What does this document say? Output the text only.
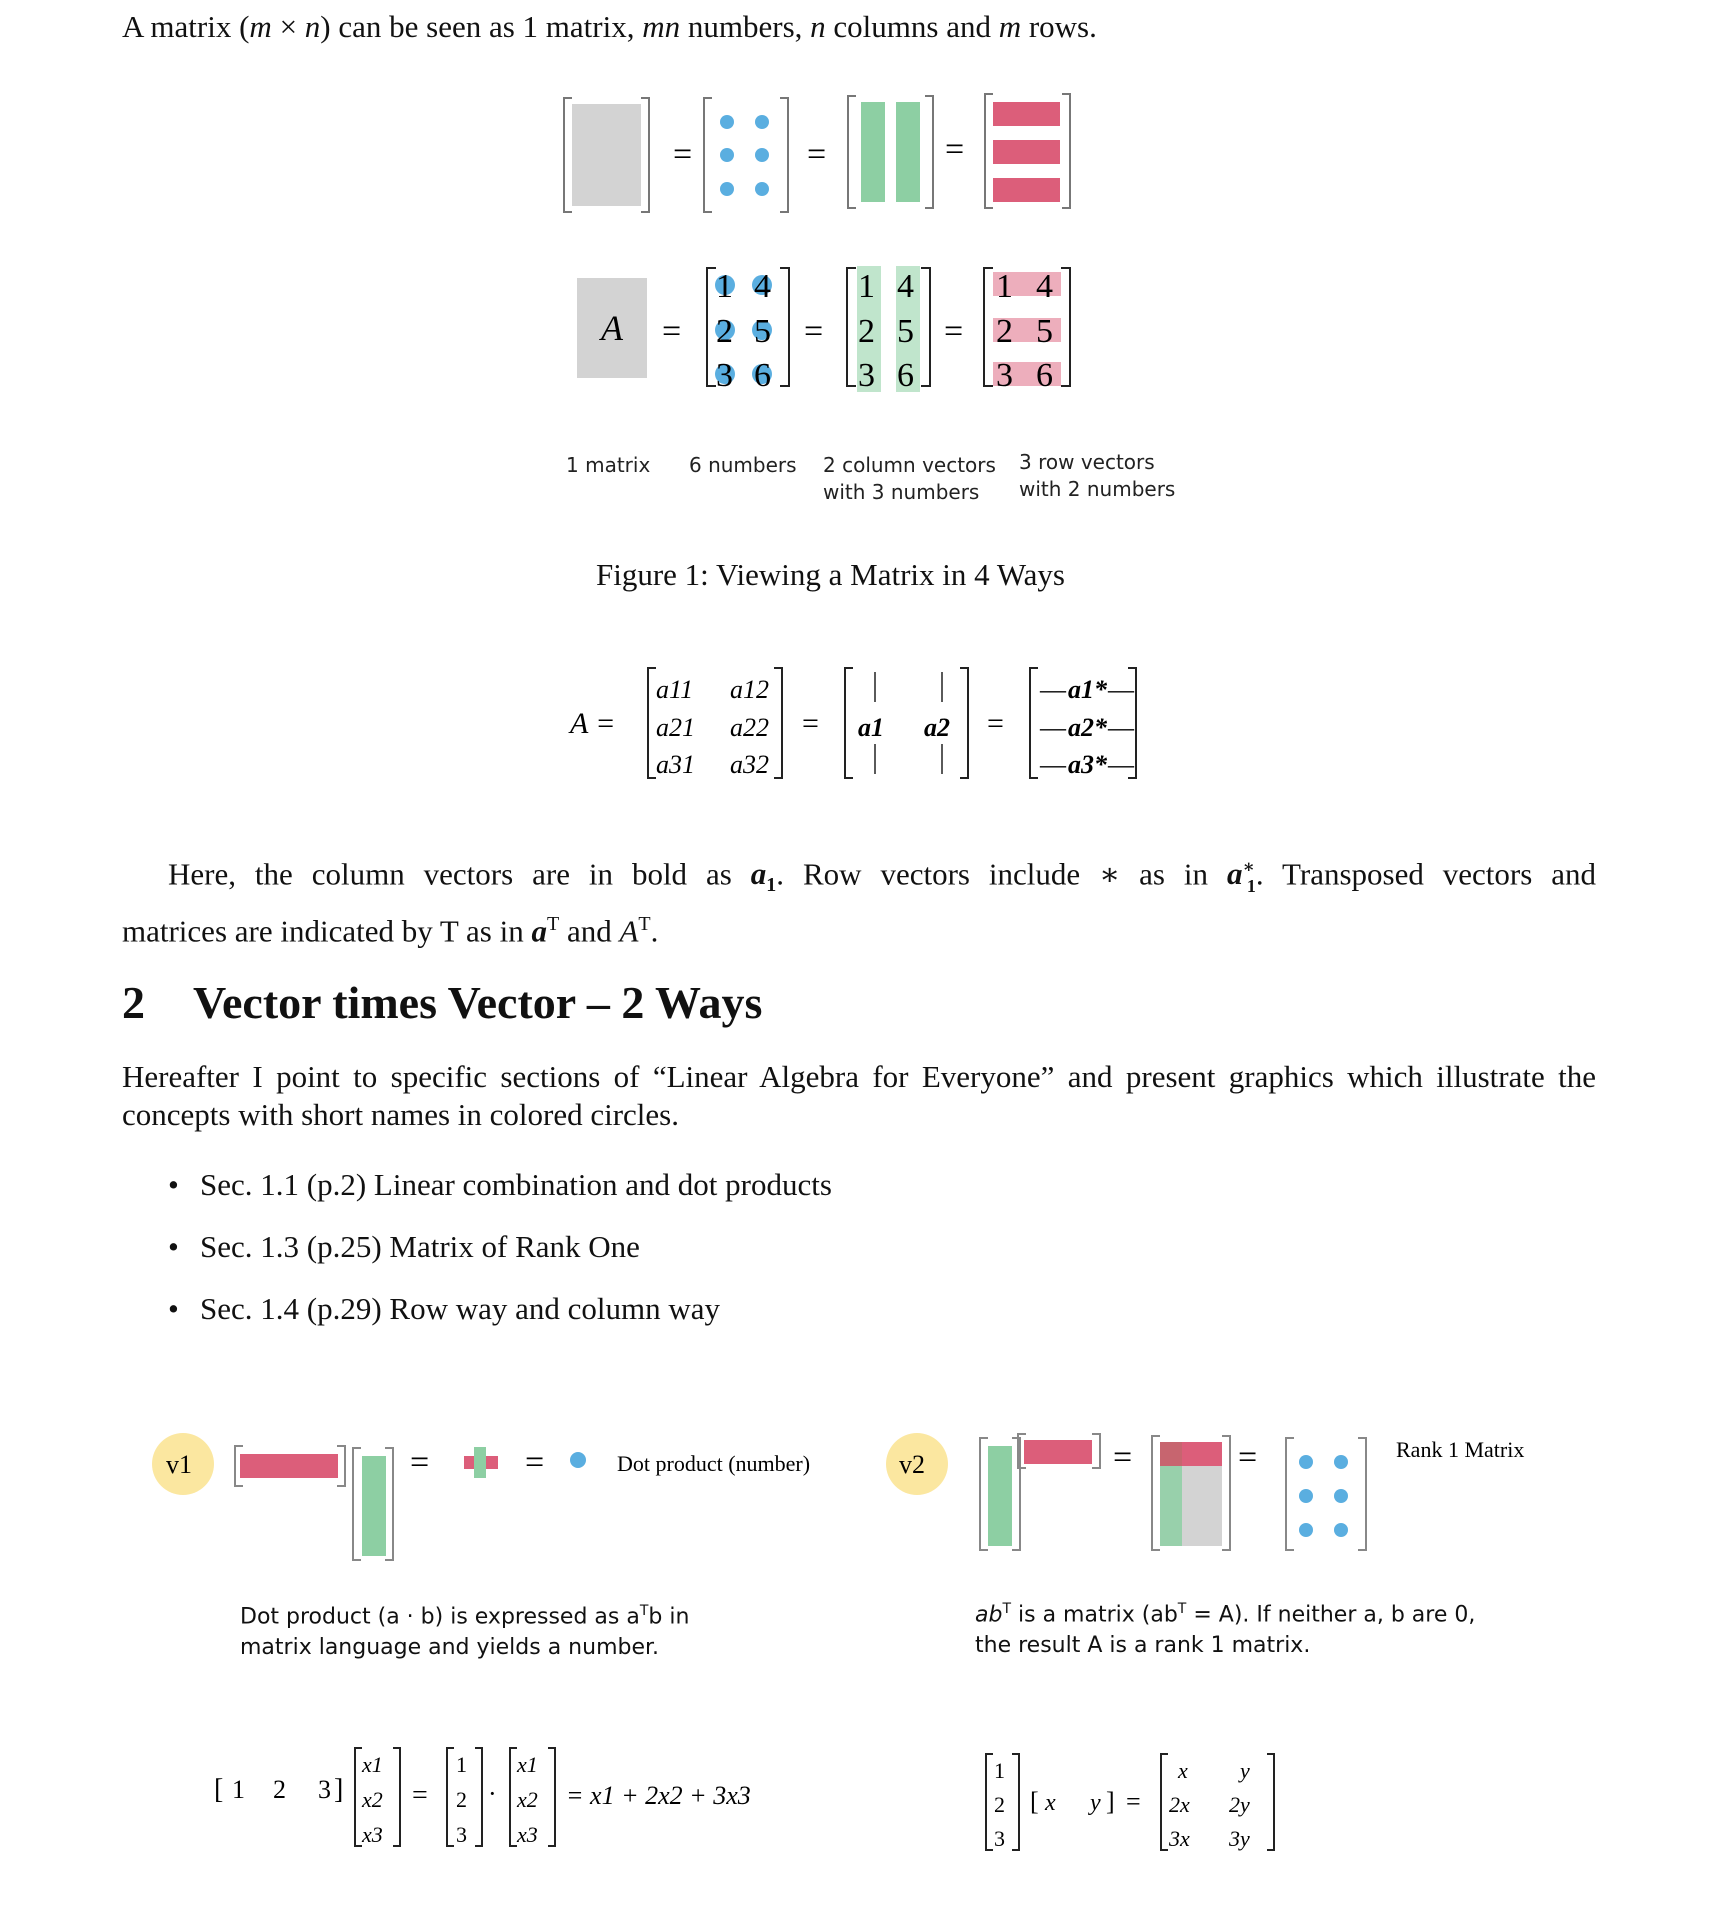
A matrix (m × n) can be seen as 1 matrix, mn numbers, n columns and m rows.
=	=	=
A =
1 4
2 5
3 6
=
1 4
2 5
3 6
=
1 4
2 5
3 6
1 matrix 6 numbers 2 column vectors
with 3 numbers
3 row vectors
with 2 numbers
Figure 1: Viewing a Matrix in 4 Ways
A =
a11 a12
a21 a22
a31 a32
= a1 a2 =
— a1* —
— a2* —
— a3* —
Here, the column vectors are in bold as $a_1$. Row vectors include ∗ as in $a^∗_1$. Transposed vectors and
matrices are indicated by T as in $a^T$ and $A^T$.
2 Vector times Vector – 2 Ways
Hereafter I point to specific sections of “Linear Algebra for Everyone” and present graphics which illustrate the concepts with short names in colored circles.
• Sec. 1.1 (p.2) Linear combination and dot products
• Sec. 1.3 (p.25) Matrix of Rank One
• Sec. 1.4 (p.29) Row way and column way
v1	=	=	Dot product (number)	v2	=	=	Rank 1 Matrix
Dot product (a · b) is expressed as $a^Tb$ in
matrix language and yields a number.
$ab^T$ is a matrix $(ab^T = A)$. If neither a, b are 0,
the result A is a rank 1 matrix.
[ 1 2 3 ]
x1
x2
x3
=
1
2
3
·
x1
x2
x3
= x1 + 2x2 + 3x3
1
2
3
[ x y ] =
x y
2x 2y
3x 3y
